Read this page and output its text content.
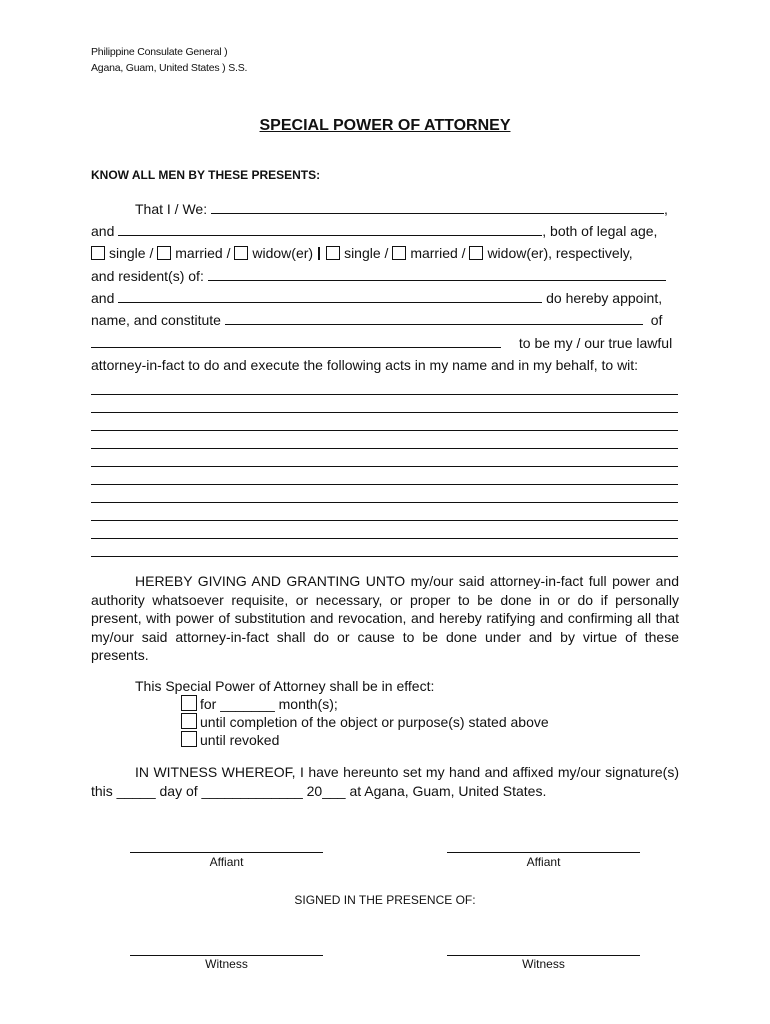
Philippine Consulate General )
Agana, Guam, United States ) S.S.
SPECIAL POWER OF ATTORNEY
KNOW ALL MEN BY THESE PRESENTS:
That I / We:	,
and	, both of legal age,
single / married / widow(er) single / married / widow(er), respectively,
and resident(s) of:
and	do hereby appoint,
name, and constitute	of
to be my / our true lawful
attorney-in-fact to do and execute the following acts in my name and in my behalf, to wit:
HEREBY GIVING AND GRANTING UNTO my/our said attorney-in-fact full power and authority whatsoever requisite, or necessary, or proper to be done in or do if personally present, with power of substitution and revocation, and hereby ratifying and confirming all that my/our said attorney-in-fact shall do or cause to be done under and by virtue of these presents.
This Special Power of Attorney shall be in effect:
for _______ month(s);
until completion of the object or purpose(s) stated above
until revoked
IN WITNESS WHEREOF, I have hereunto set my hand and affixed my/our signature(s) this _____ day of _____________ 20___ at Agana, Guam, United States.
Affiant	Affiant
SIGNED IN THE PRESENCE OF:
Witness	Witness
